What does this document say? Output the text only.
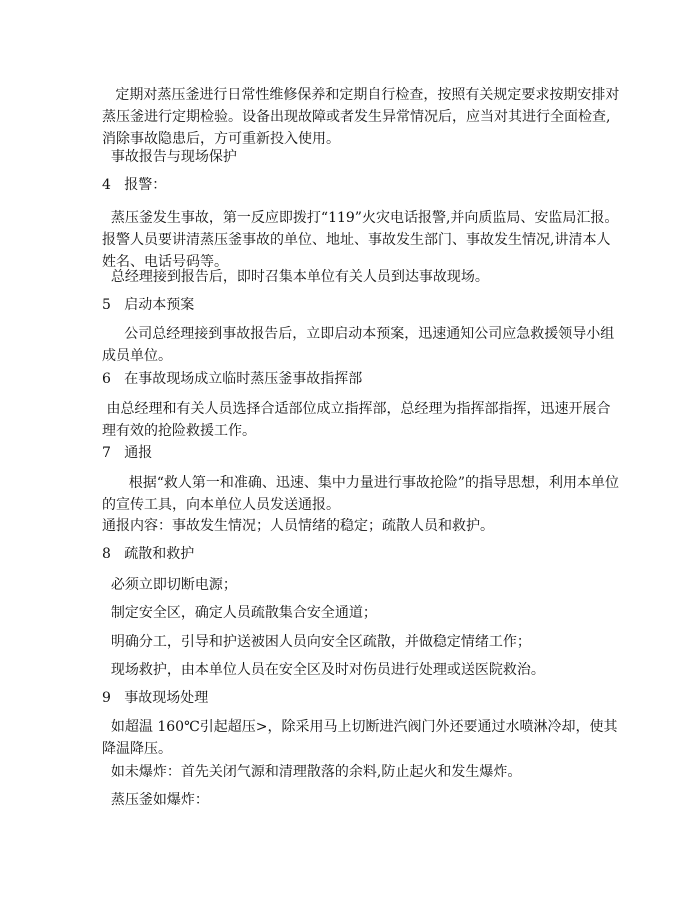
定期对蒸压釜进行日常性维修保养和定期自行检查，按照有关规定要求按期安排对蒸压釜进行定期检验。设备出现故障或者发生异常情况后，应当对其进行全面检查,消除事故隐患后，方可重新投入使用。

事故报告与现场保护

4   报警：

蒸压釜发生事故，第一反应即拨打“119”火灾电话报警,并向质监局、安监局汇报。报警人员要讲清蒸压釜事故的单位、地址、事故发生部门、事故发生情况,讲清本人姓名、电话号码等。

总经理接到报告后，即时召集本单位有关人员到达事故现场。

5   启动本预案

公司总经理接到事故报告后，立即启动本预案，迅速通知公司应急救援领导小组成员单位。

6   在事故现场成立临时蒸压釜事故指挥部

由总经理和有关人员选择合适部位成立指挥部，总经理为指挥部指挥，迅速开展合理有效的抢险救援工作。

7   通报

根据“救人第一和准确、迅速、集中力量进行事故抢险”的指导思想，利用本单位的宣传工具，向本单位人员发送通报。

通报内容：事故发生情况；人员情绪的稳定；疏散人员和救护。

8   疏散和救护

必须立即切断电源；

制定安全区，确定人员疏散集合安全通道；

明确分工，引导和护送被困人员向安全区疏散，并做稳定情绪工作；

现场救护，由本单位人员在安全区及时对伤员进行处理或送医院救治。

9   事故现场处理

如超温 160℃引起超压>，除采用马上切断进汽阀门外还要通过水喷淋冷却，使其降温降压。

如未爆炸：首先关闭气源和清理散落的余料,防止起火和发生爆炸。

蒸压釜如爆炸：
